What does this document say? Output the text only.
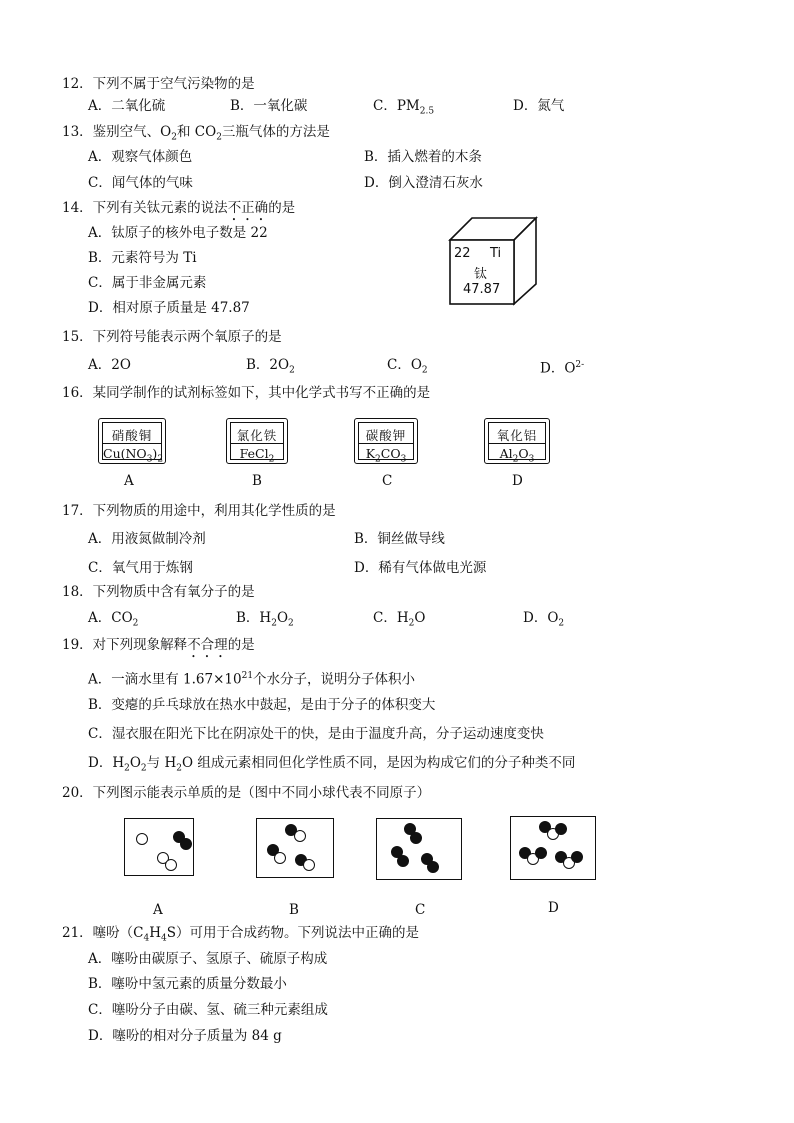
12．下列不属于空气污染物的是
A．二氧化硫	B．一氧化碳	C．$PM_{2.5}$	D．氮气
13．鉴别空气、$O_2$和 $CO_2$三瓶气体的方法是
A．观察气体颜色	B．插入燃着的木条
C．闻气体的气味	D．倒入澄清石灰水
14．下列有关钛元素的说法不正确的是
A．钛原子的核外电子数是 22
B．元素符号为 Ti
C．属于非金属元素
D．相对原子质量是 47.87
22 Ti
钛
47.87
15．下列符号能表示两个氧原子的是
A．2O	B．$2O_2$	C．$O_2$	D．$O^{2-}$
16．某同学制作的试剂标签如下，其中化学式书写不正确的是
硝酸铜
$Cu(NO_3)_2$
氯化铁
FeCl$_2$
碳酸钾
$K_2CO_3$
氧化铝
$Al_2O_3$
A	B	C	D
17．下列物质的用途中，利用其化学性质的是
A．用液氮做制冷剂	B．铜丝做导线
C．氧气用于炼钢	D．稀有气体做电光源
18．下列物质中含有氧分子的是
A．$CO_2$	B．$H_2O_2$	C．$H_2O$	D．$O_2$
19．对下列现象解释不合理的是
A．一滴水里有 $1.67\times 10^{21}$个水分子，说明分子体积小
B．变瘪的乒乓球放在热水中鼓起，是由于分子的体积变大
C．湿衣服在阳光下比在阴凉处干的快，是由于温度升高，分子运动速度变快
D．$H_2O_2$与 $H_2O$ 组成元素相同但化学性质不同，是因为构成它们的分子种类不同
20．下列图示能表示单质的是（图中不同小球代表不同原子）
A	B	C	D
21．噻吩$(C_4H_4S)$可用于合成药物。下列说法中正确的是
A．噻吩由碳原子、氢原子、硫原子构成
B．噻吩中氢元素的质量分数最小
C．噻吩分子由碳、氢、硫三种元素组成
D．噻吩的相对分子质量为 84 g
